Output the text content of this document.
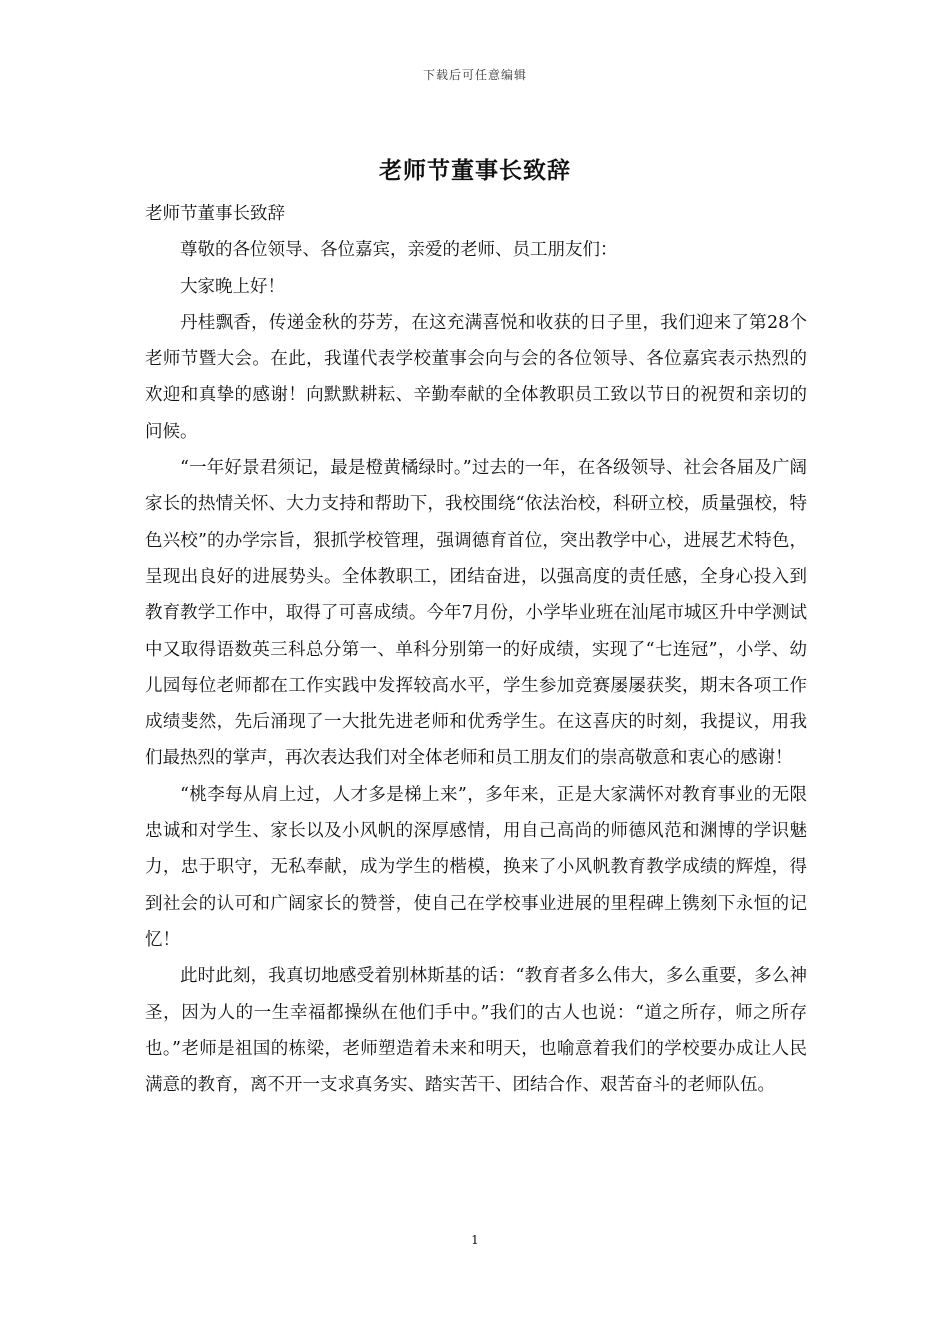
下载后可任意编辑
老师节董事长致辞

老师节董事长致辞

尊敬的各位领导、各位嘉宾，亲爱的老师、员工朋友们：

大家晚上好！

丹桂飘香，传递金秋的芬芳，在这充满喜悦和收获的日子里，我们迎来了第28个老师节暨大会。在此，我谨代表学校董事会向与会的各位领导、各位嘉宾表示热烈的欢迎和真挚的感谢！向默默耕耘、辛勤奉献的全体教职员工致以节日的祝贺和亲切的问候。

“一年好景君须记，最是橙黄橘绿时。”过去的一年，在各级领导、社会各届及广阔家长的热情关怀、大力支持和帮助下，我校围绕“依法治校，科研立校，质量强校，特色兴校”的办学宗旨，狠抓学校管理，强调德育首位，突出教学中心，进展艺术特色，呈现出良好的进展势头。全体教职工，团结奋进，以强高度的责任感，全身心投入到教育教学工作中，取得了可喜成绩。今年7月份，小学毕业班在汕尾市城区升中学测试中又取得语数英三科总分第一、单科分别第一的好成绩，实现了“七连冠”，小学、幼儿园每位老师都在工作实践中发挥较高水平，学生参加竞赛屡屡获奖，期末各项工作成绩斐然，先后涌现了一大批先进老师和优秀学生。在这喜庆的时刻，我提议，用我们最热烈的掌声，再次表达我们对全体老师和员工朋友们的崇高敬意和衷心的感谢！

“桃李每从肩上过，人才多是梯上来”，多年来，正是大家满怀对教育事业的无限忠诚和对学生、家长以及小风帆的深厚感情，用自己高尚的师德风范和渊博的学识魅力，忠于职守，无私奉献，成为学生的楷模，换来了小风帆教育教学成绩的辉煌，得到社会的认可和广阔家长的赞誉，使自己在学校事业进展的里程碑上镌刻下永恒的记忆！

此时此刻，我真切地感受着别林斯基的话：“教育者多么伟大，多么重要，多么神圣，因为人的一生幸福都操纵在他们手中。”我们的古人也说：“道之所存，师之所存也。”老师是祖国的栋梁，老师塑造着未来和明天，也喻意着我们的学校要办成让人民满意的教育，离不开一支求真务实、踏实苦干、团结合作、艰苦奋斗的老师队伍。

1
